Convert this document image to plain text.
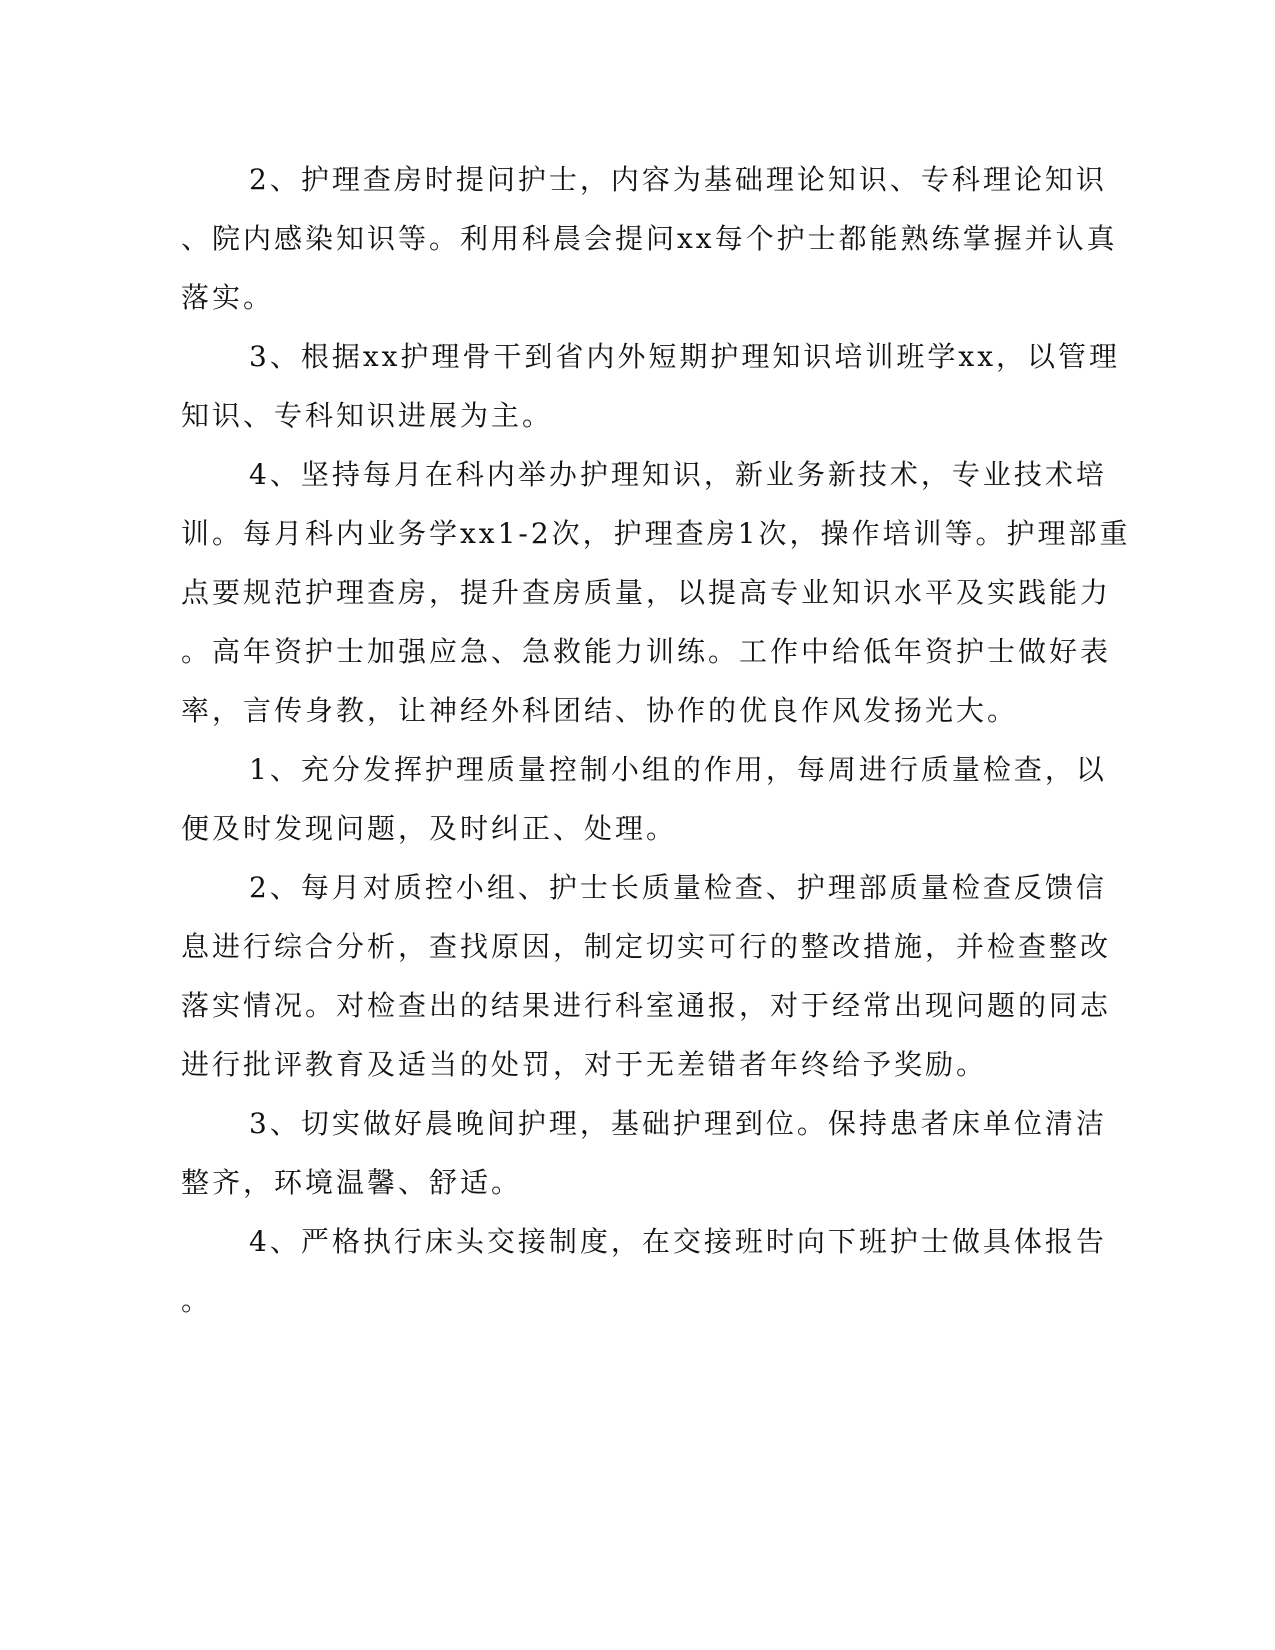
2、护理查房时提问护士，内容为基础理论知识、专科理论知识
、院内感染知识等。利用科晨会提问xx每个护士都能熟练掌握并认真
落实。
3、根据xx护理骨干到省内外短期护理知识培训班学xx，以管理
知识、专科知识进展为主。
4、坚持每月在科内举办护理知识，新业务新技术，专业技术培
训。每月科内业务学xx1-2次，护理查房1次，操作培训等。护理部重
点要规范护理查房，提升查房质量，以提高专业知识水平及实践能力
。高年资护士加强应急、急救能力训练。工作中给低年资护士做好表
率，言传身教，让神经外科团结、协作的优良作风发扬光大。
1、充分发挥护理质量控制小组的作用，每周进行质量检查，以
便及时发现问题，及时纠正、处理。
2、每月对质控小组、护士长质量检查、护理部质量检查反馈信
息进行综合分析，查找原因，制定切实可行的整改措施，并检查整改
落实情况。对检查出的结果进行科室通报，对于经常出现问题的同志
进行批评教育及适当的处罚，对于无差错者年终给予奖励。
3、切实做好晨晚间护理，基础护理到位。保持患者床单位清洁
整齐，环境温馨、舒适。
4、严格执行床头交接制度，在交接班时向下班护士做具体报告
。
